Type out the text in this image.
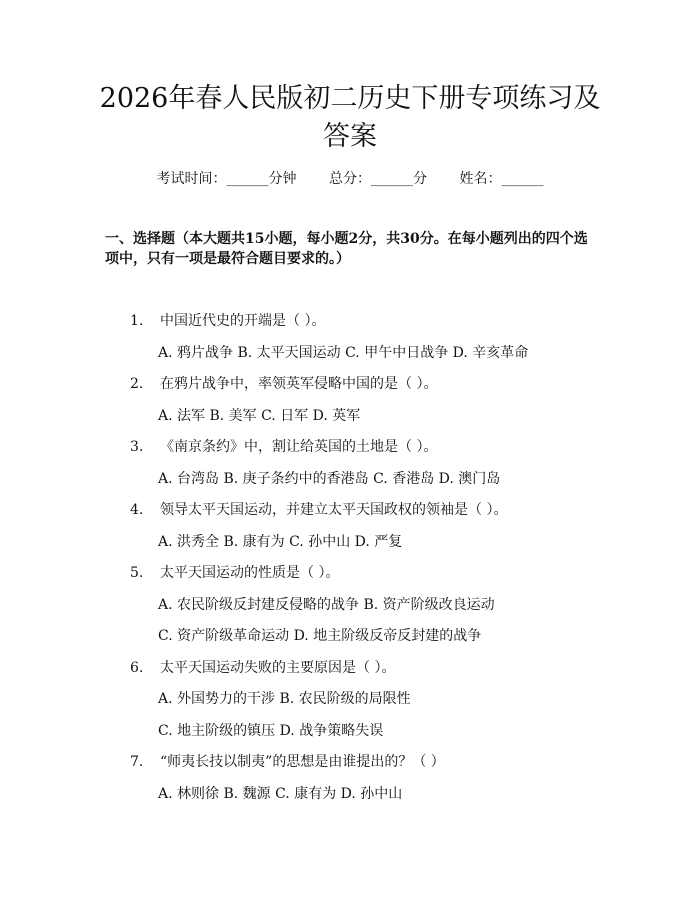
2026年春人民版初二历史下册专项练习及答案
考试时间：______分钟 总分：______分 姓名：______

一、选择题（本大题共15小题，每小题2分，共30分。在每小题列出的四个选项中，只有一项是最符合题目要求的。）

1. 中国近代史的开端是（ ）。
A. 鸦片战争 B. 太平天国运动 C. 甲午中日战争 D. 辛亥革命
2. 在鸦片战争中，率领英军侵略中国的是（ ）。
A. 法军 B. 美军 C. 日军 D. 英军
3. 《南京条约》中，割让给英国的土地是（ ）。
A. 台湾岛 B. 庚子条约中的香港岛 C. 香港岛 D. 澳门岛
4. 领导太平天国运动，并建立太平天国政权的领袖是（ ）。
A. 洪秀全 B. 康有为 C. 孙中山 D. 严复
5. 太平天国运动的性质是（ ）。
A. 农民阶级反封建反侵略的战争 B. 资产阶级改良运动
C. 资产阶级革命运动 D. 地主阶级反帝反封建的战争
6. 太平天国运动失败的主要原因是（ ）。
A. 外国势力的干涉 B. 农民阶级的局限性
C. 地主阶级的镇压 D. 战争策略失误
7. “师夷长技以制夷”的思想是由谁提出的？（ ）
A. 林则徐 B. 魏源 C. 康有为 D. 孙中山
